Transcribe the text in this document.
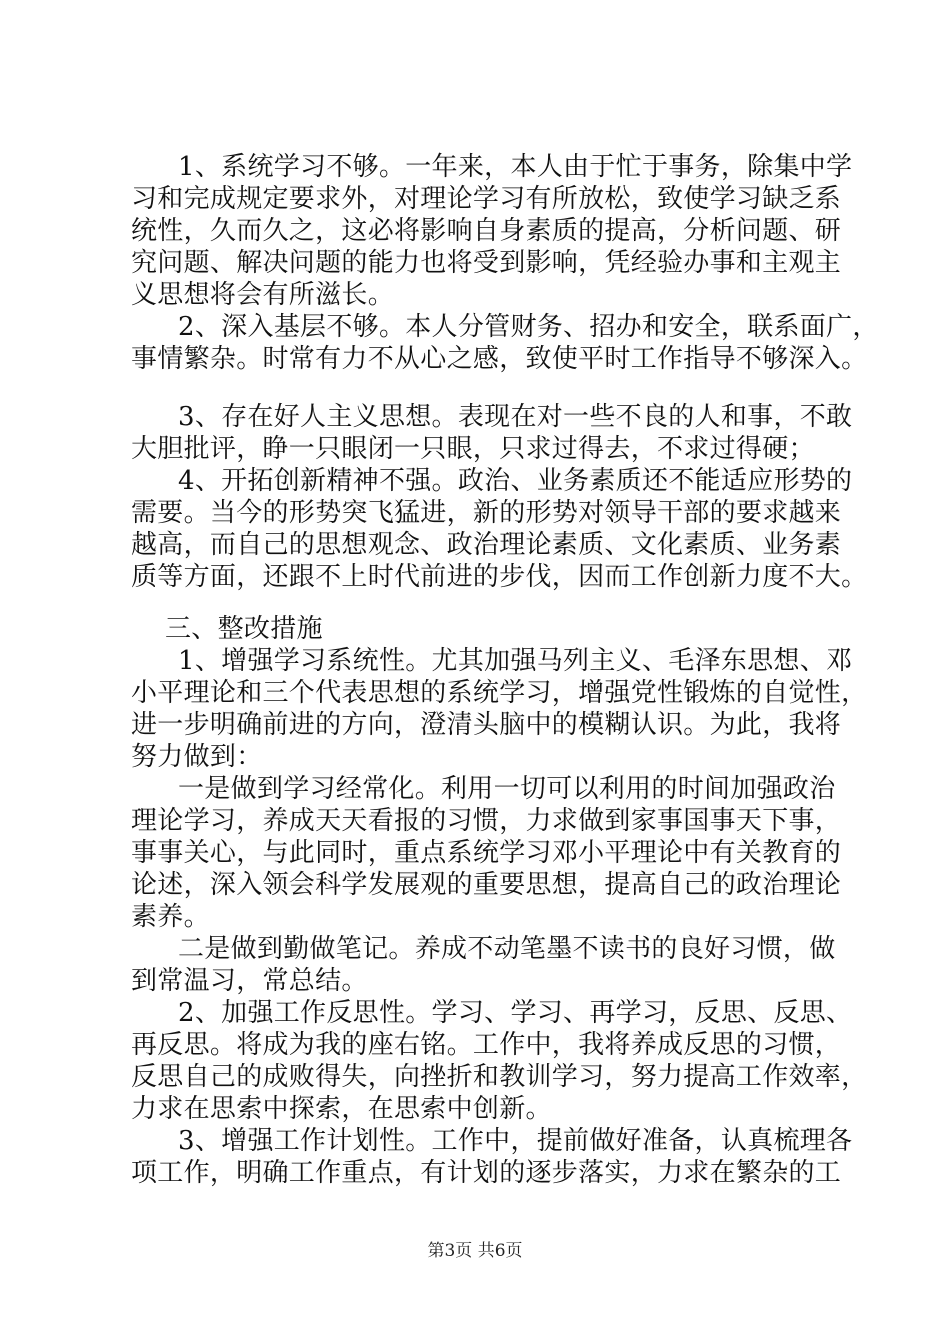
1、系统学习不够。一年来，本人由于忙于事务，除集中学
习和完成规定要求外，对理论学习有所放松，致使学习缺乏系
统性，久而久之，这必将影响自身素质的提高，分析问题、研
究问题、解决问题的能力也将受到影响，凭经验办事和主观主
义思想将会有所滋长。
2、深入基层不够。本人分管财务、招办和安全，联系面广，
事情繁杂。时常有力不从心之感，致使平时工作指导不够深入。
3、存在好人主义思想。表现在对一些不良的人和事，不敢
大胆批评，睁一只眼闭一只眼，只求过得去，不求过得硬；
4、开拓创新精神不强。政治、业务素质还不能适应形势的
需要。当今的形势突飞猛进，新的形势对领导干部的要求越来
越高，而自己的思想观念、政治理论素质、文化素质、业务素
质等方面，还跟不上时代前进的步伐，因而工作创新力度不大。
三、整改措施
1、增强学习系统性。尤其加强马列主义、毛泽东思想、邓
小平理论和三个代表思想的系统学习，增强党性锻炼的自觉性，
进一步明确前进的方向，澄清头脑中的模糊认识。为此，我将
努力做到：
一是做到学习经常化。利用一切可以利用的时间加强政治
理论学习，养成天天看报的习惯，力求做到家事国事天下事，
事事关心，与此同时，重点系统学习邓小平理论中有关教育的
论述，深入领会科学发展观的重要思想，提高自己的政治理论
素养。
二是做到勤做笔记。养成不动笔墨不读书的良好习惯，做
到常温习，常总结。
2、加强工作反思性。学习、学习、再学习，反思、反思、
再反思。将成为我的座右铭。工作中，我将养成反思的习惯，
反思自己的成败得失，向挫折和教训学习，努力提高工作效率，
力求在思索中探索，在思索中创新。
3、增强工作计划性。工作中，提前做好准备，认真梳理各
项工作，明确工作重点，有计划的逐步落实，力求在繁杂的工
第3页 共6页
